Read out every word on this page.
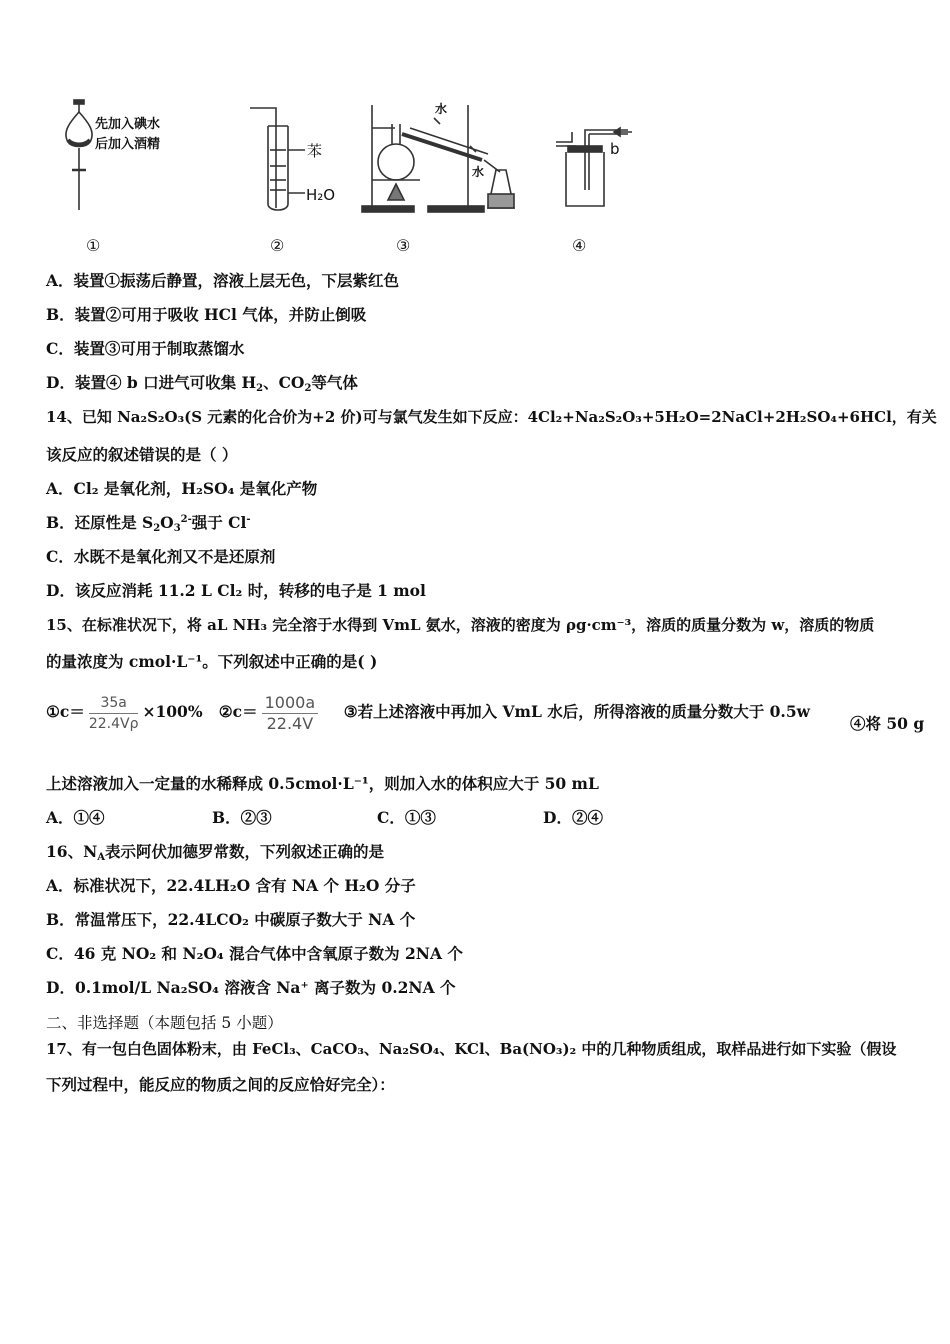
先加入碘水
后加入酒精	苯
H₂O
水
水
b
①	②	③	④
A．装置①振荡后静置，溶液上层无色，下层紫红色
B．装置②可用于吸收 HCl 气体，并防止倒吸
C．装置③可用于制取蒸馏水
D．装置④ b 口进气可收集 $H_2$、$CO_2$等气体
14、已知 Na₂S₂O₃(S 元素的化合价为+2 价)可与氯气发生如下反应：4Cl₂+Na₂S₂O₃+5H₂O=2NaCl+2H₂SO₄+6HCl，有关
该反应的叙述错误的是（ ）
A．Cl₂ 是氧化剂，H₂SO₄ 是氧化产物
B．还原性是 $S_2O_3^{2-}$强于 Cl-
C．水既不是氧化剂又不是还原剂
D．该反应消耗 11.2 L Cl₂ 时，转移的电子是 1 mol
15、在标准状况下，将 aL NH₃ 完全溶于水得到 VmL 氨水，溶液的密度为 ρg·cm⁻³，溶质的质量分数为 w，溶质的物质
的量浓度为 cmol·L⁻¹。下列叙述中正确的是( )
①c＝ $\frac{35a}{22.4V\rho} \times 100\%$ ②c＝ $\frac{1000a}{22.4V}$ ③若上述溶液中再加入 VmL 水后，所得溶液的质量分数大于 0.5w
④将 50 g
上述溶液加入一定量的水稀释成 0.5cmol·L⁻¹，则加入水的体积应大于 50 mL
A．①④	B．②③	C．①③	D．②④
16、$N_A$表示阿伏加德罗常数，下列叙述正确的是
A．标准状况下，22.4LH₂O 含有 NA 个 H₂O 分子
B．常温常压下，22.4LCO₂ 中碳原子数大于 NA 个
C．46 克 NO₂ 和 N₂O₄ 混合气体中含氧原子数为 2NA 个
D．0.1mol/L Na₂SO₄ 溶液含 Na⁺ 离子数为 0.2NA 个
二、非选择题（本题包括 5 小题）
17、有一包白色固体粉末，由 FeCl₃、CaCO₃、Na₂SO₄、KCl、Ba(NO₃)₂ 中的几种物质组成，取样品进行如下实验（假设
下列过程中，能反应的物质之间的反应恰好完全）：
